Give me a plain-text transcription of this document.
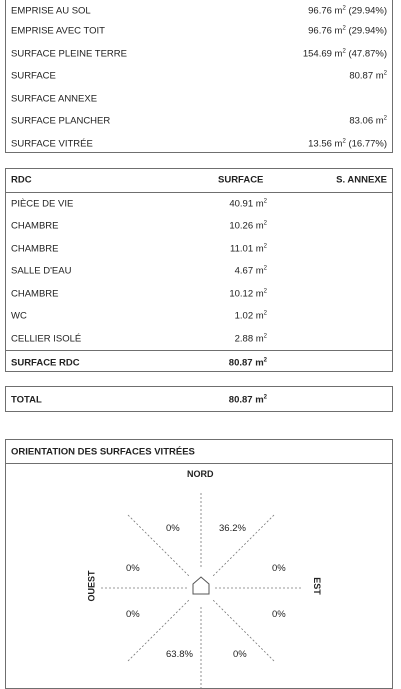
EMPRISE AU SOL	96.76 $m^2$ (29.94%)
EMPRISE AVEC TOIT	96.76 $m^2$ (29.94%)
SURFACE PLEINE TERRE	154.69 $m^2$ (47.87%)
SURFACE	80.87 $m^2$
SURFACE ANNEXE
SURFACE PLANCHER	83.06 $m^2$
SURFACE VITRÉE	13.56 $m^2$ (16.77%)
RDC	SURFACE	S. ANNEXE
PIÈCE DE VIE	40.91 $m^2$
CHAMBRE	10.26 $m^2$
CHAMBRE	11.01 $m^2$
SALLE D'EAU	4.67 $m^2$
CHAMBRE	10.12 $m^2$
WC	1.02 $m^2$
CELLIER ISOLÉ	2.88 $m^2$
SURFACE RDC	80.87 $m^2$
TOTAL	80.87 $m^2$
ORIENTATION DES SURFACES VITRÉES
NORD
OUEST	EST
0%	36.2%
0%	0%
0%	0%
63.8%	0%
